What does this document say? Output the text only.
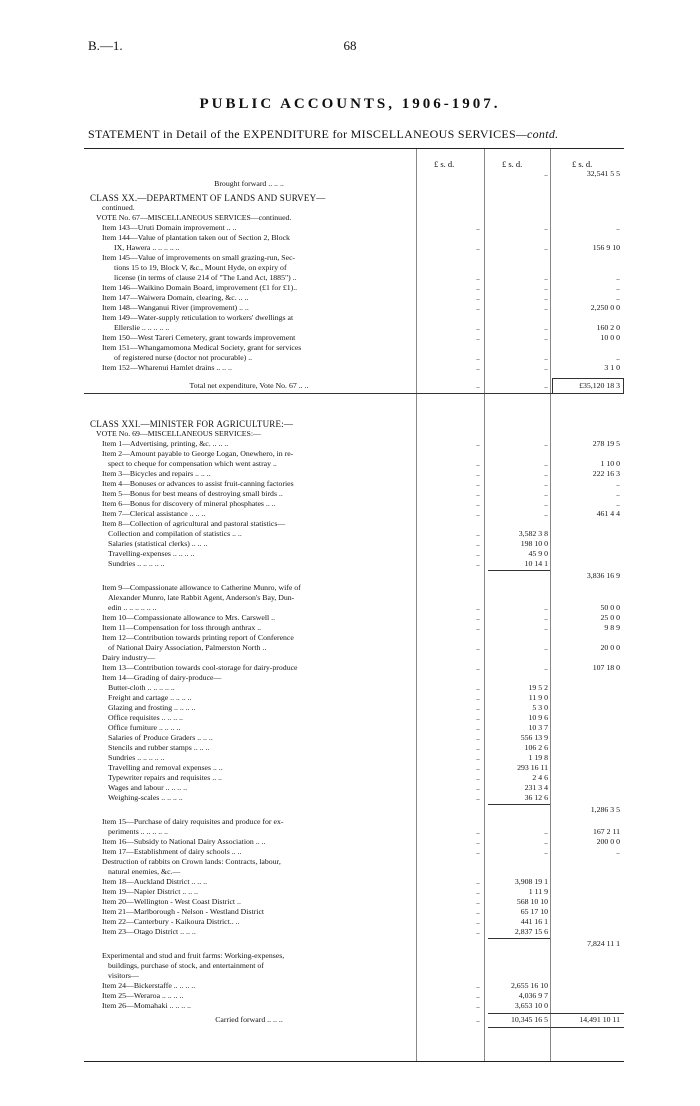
B.—1.	68
PUBLIC ACCOUNTS, 1906-1907.
STATEMENT in Detail of the EXPENDITURE for MISCELLANEOUS SERVICES—contd.
£ s. d.	£ s. d.	£ s. d.
..	32,541 5 5
Brought forward .. .. ..
CLASS XX.—DEPARTMENT OF LANDS AND SURVEY—
continued.
VOTE No. 67—MISCELLANEOUS SERVICES—continued.
Item 143—Uruti Domain improvement .. ..	..	..	..
Item 144—Value of plantation taken out of Section 2, Block
IX, Hawera .. .. .. .. ..	..	..	156 9 10
Item 145—Value of improvements on small grazing-run, Sec-
tions 15 to 19, Block V, &c., Mount Hyde, on expiry of
license (in terms of clause 214 of "The Land Act, 1885") ..	..	..	..
Item 146—Waikino Domain Board, improvement (£1 for £1)..	..	..	..
Item 147—Waiwera Domain, clearing, &c. .. ..	..	..	..
Item 148—Wanganui River (improvement) .. ..	..	..	2,250 0 0
Item 149—Water-supply reticulation to workers' dwellings at
Ellerslie .. .. .. .. ..	..	..	160 2 0
Item 150—West Tareri Cemetery, grant towards improvement	..	..	10 0 0
Item 151—Whangamomona Medical Society, grant for services
of registered nurse (doctor not procurable) ..	..	..	..
Item 152—Wharenui Hamlet drains .. .. ..	..	..	3 1 0
Total net expenditure, Vote No. 67 .. ..	..	..	£35,120 18 3
CLASS XXI.—MINISTER FOR AGRICULTURE:—
VOTE No. 69—MISCELLANEOUS SERVICES:—
Item 1—Advertising, printing, &c. .. .. ..	..	..	278 19 5
Item 2—Amount payable to George Logan, Onewhero, in re-
spect to cheque for compensation which went astray ..	..	..	1 10 0
Item 3—Bicycles and repairs .. .. ..	..	..	222 16 3
Item 4—Bonuses or advances to assist fruit-canning factories	..	..	..
Item 5—Bonus for best means of destroying small birds ..	..	..	..
Item 6—Bonus for discovery of mineral phosphates .. ..	..	..	..
Item 7—Clerical assistance .. .. ..	..	..	461 4 4
Item 8—Collection of agricultural and pastoral statistics—
Collection and compilation of statistics .. ..	..	3,582 3 8
Salaries (statistical clerks) .. .. ..	..	198 10 0
Travelling-expenses .. .. .. ..	..	45 9 0
Sundries .. .. .. .. ..	..	10 14 1
3,836 16 9
Item 9—Compassionate allowance to Catherine Munro, wife of
Alexander Munro, late Rabbit Agent, Anderson's Bay, Dun-
edin .. .. .. .. .. ..	..	..	50 0 0
Item 10—Compassionate allowance to Mrs. Carswell ..	..	..	25 0 0
Item 11—Compensation for loss through anthrax ..	..	..	9 8 9
Item 12—Contribution towards printing report of Conference
of National Dairy Association, Palmerston North ..	..	..	20 0 0
Dairy industry—
Item 13—Contribution towards cool-storage for dairy-produce	..	..	107 18 0
Item 14—Grading of dairy-produce—
Butter-cloth .. .. .. .. ..	..	19 5 2
Freight and cartage .. .. .. ..	..	11 9 0
Glazing and frosting .. .. .. ..	..	5 3 0
Office requisites .. .. .. ..	..	10 9 6
Office furniture .. .. .. ..	..	10 3 7
Salaries of Produce Graders .. .. ..	..	556 13 9
Stencils and rubber stamps .. .. ..	..	106 2 6
Sundries .. .. .. .. ..	..	1 19 8
Travelling and removal expenses .. ..	..	293 16 11
Typewriter repairs and requisites .. ..	..	2 4 6
Wages and labour .. .. .. ..	..	231 3 4
Weighing-scales .. .. .. ..	..	36 12 6
1,286 3 5
Item 15—Purchase of dairy requisites and produce for ex-
periments .. .. .. .. ..	..	..	167 2 11
Item 16—Subsidy to National Dairy Association .. ..	..	..	200 0 0
Item 17—Establishment of dairy schools .. ..	..	..	..
Destruction of rabbits on Crown lands: Contracts, labour,
natural enemies, &c.—
Item 18—Auckland District .. .. ..	..	3,908 19 1
Item 19—Napier District .. .. ..	..	1 11 9
Item 20—Wellington - West Coast District ..	..	568 10 10
Item 21—Marlborough - Nelson - Westland District	..	65 17 10
Item 22—Canterbury - Kaikoura District.. ..	..	441 16 1
Item 23—Otago District .. .. ..	..	2,837 15 6
7,824 11 1
Experimental and stud and fruit farms: Working-expenses,
buildings, purchase of stock, and entertainment of
visitors—
Item 24—Bickerstaffe .. .. .. ..	..	2,655 16 10
Item 25—Weraroa .. .. .. ..	..	4,036 9 7
Item 26—Momahaki .. .. .. ..	..	3,653 10 0
Carried forward .. .. ..	..	10,345 16 5	14,491 10 11
